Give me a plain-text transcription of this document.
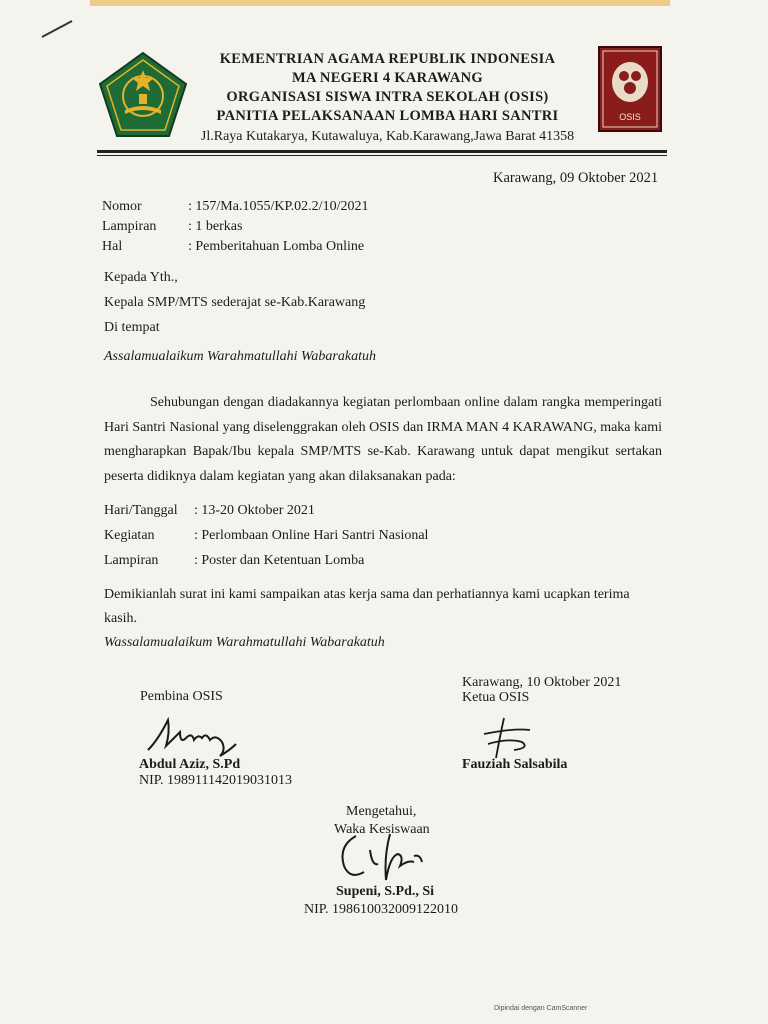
OSIS
KEMENTRIAN AGAMA REPUBLIK INDONESIA
MA NEGERI 4 KARAWANG
ORGANISASI SISWA INTRA SEKOLAH (OSIS)
PANITIA PELAKSANAAN LOMBA HARI SANTRI
Jl.Raya Kutakarya, Kutawaluya, Kab.Karawang,Jawa Barat 41358
Karawang, 09 Oktober 2021
Nomor	: 157/Ma.1055/KP.02.2/10/2021
Lampiran	: 1 berkas
Hal	: Pemberitahuan Lomba Online
Kepada Yth.,
Kepala SMP/MTS sederajat se-Kab.Karawang
Di tempat
Assalamualaikum Warahmatullahi Wabarakatuh

Sehubungan dengan diadakannya kegiatan perlombaan online dalam rangka memperingati Hari Santri Nasional yang diselenggrakan oleh OSIS dan IRMA MAN 4 KARAWANG, maka kami mengharapkan Bapak/Ibu kepala SMP/MTS se-Kab. Karawang untuk dapat mengikut sertakan peserta didiknya dalam kegiatan yang akan dilaksanakan pada:

Hari/Tanggal	: 13-20 Oktober 2021
Kegiatan	: Perlombaan Online Hari Santri Nasional
Lampiran	: Poster dan Ketentuan Lomba
Demikianlah surat ini kami sampaikan atas kerja sama dan perhatiannya kami ucapkan terima kasih.
Wassalamualaikum Warahmatullahi Wabarakatuh
Pembina OSIS
Karawang, 10 Oktober 2021
Ketua OSIS
Abdul Aziz, S.Pd
NIP. 198911142019031013
Fauziah Salsabila
Mengetahui,
Waka Kesiswaan
Supeni, S.Pd., Si
NIP. 198610032009122010
Dipindai dengan CamScanner
